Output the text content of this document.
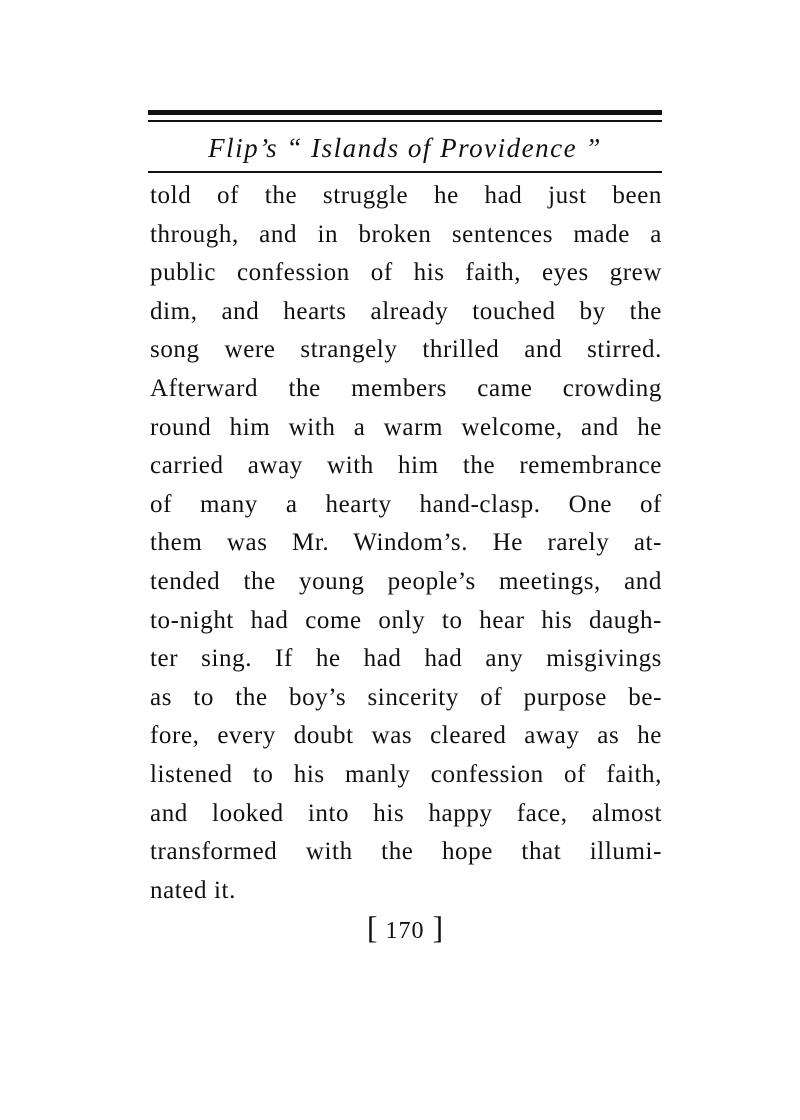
Flip’s “ Islands of Providence ”
told of the struggle he had just been
through, and in broken sentences made a
public confession of his faith, eyes grew
dim, and hearts already touched by the
song were strangely thrilled and stirred.
Afterward the members came crowding
round him with a warm welcome, and he
carried away with him the remembrance
of many a hearty hand-clasp. One of
them was Mr. Windom’s. He rarely at-
tended the young people’s meetings, and
to-night had come only to hear his daugh-
ter sing. If he had had any misgivings
as to the boy’s sincerity of purpose be-
fore, every doubt was cleared away as he
listened to his manly confession of faith,
and looked into his happy face, almost
transformed with the hope that illumi-
nated it.
[ 170 ]
